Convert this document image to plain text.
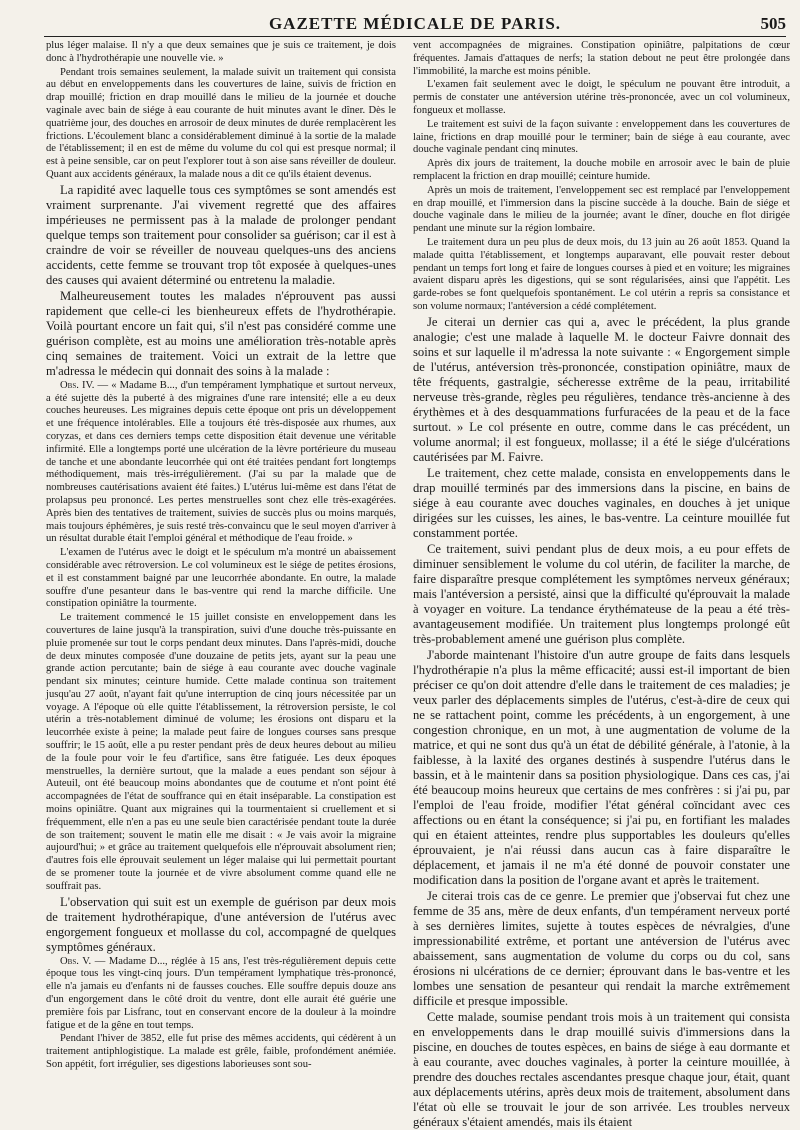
GAZETTE MÉDICALE DE PARIS.	505

plus léger malaise. Il n'y a que deux semaines que je suis ce traitement, je dois donc à l'hydrothérapie une nouvelle vie. »

Pendant trois semaines seulement, la malade suivit un traitement qui consista au début en enveloppements dans les couvertures de laine, suivis de friction en drap mouillé; friction en drap mouillé dans le milieu de la journée et douche vaginale avec bain de siége à eau courante de huit minutes avant le dîner. Dès le quatrième jour, des douches en arrosoir de deux minutes de durée remplacèrent les frictions. L'écoulement blanc a considérablement diminué à la sortie de la malade de l'établissement; il en est de même du volume du col qui est presque normal; il est à peine sensible, car on peut l'explorer tout à son aise sans réveiller de douleur. Quant aux accidents généraux, la malade nous a dit ce qu'ils étaient devenus.

La rapidité avec laquelle tous ces symptômes se sont amendés est vraiment surprenante. J'ai vivement regretté que des affaires impérieuses ne permissent pas à la malade de prolonger pendant quelque temps son traitement pour consolider sa guérison; car il est à craindre de voir se réveiller de nouveau quelques-uns des anciens accidents, cette femme se trouvant trop tôt exposée à quelques-unes des causes qui avaient déterminé ou entretenu la maladie.

Malheureusement toutes les malades n'éprouvent pas aussi rapidement que celle-ci les bienheureux effets de l'hydrothérapie. Voilà pourtant encore un fait qui, s'il n'est pas considéré comme une guérison complète, est au moins une amélioration très-notable après cinq semaines de traitement. Voici un extrait de la lettre que m'adressa le médecin qui donnait des soins à la malade :

Obs. IV. — « Madame B..., d'un tempérament lymphatique et surtout nerveux, a été sujette dès la puberté à des migraines d'une rare intensité; elle a eu deux couches heureuses. Les migraines depuis cette époque ont pris un développement et une fréquence intolérables. Elle a toujours été très-disposée aux rhumes, aux coryzas, et dans ces derniers temps cette disposition était devenue une véritable infirmité. Elle a longtemps porté une ulcération de la lèvre portérieure du museau de tanche et une abondante leucorrhée qui ont été traitées pendant fort longtemps méthodiquement, mais très-irrégulièrement. (J'ai su par la malade que de nombreuses cautérisations avaient été faites.) L'utérus lui-même est dans l'état de prolapsus peu prononcé. Les pertes menstruelles sont chez elle très-exagérées. Après bien des tentatives de traitement, suivies de succès plus ou moins marqués, mais toujours éphémères, je suis resté très-convaincu que le seul moyen d'arriver à un résultat durable était l'emploi général et méthodique de l'eau froide. »

L'examen de l'utérus avec le doigt et le spéculum m'a montré un abaissement considérable avec rétroversion. Le col volumineux est le siége de petites érosions, et il est constamment baigné par une leucorrhée abondante. En outre, la malade souffre d'une pesanteur dans le bas-ventre qui rend la marche difficile. Une constipation opiniâtre la tourmente.

Le traitement commencé le 15 juillet consiste en enveloppement dans les couvertures de laine jusqu'à la transpiration, suivi d'une douche très-puissante en pluie promenée sur tout le corps pendant deux minutes. Dans l'après-midi, douche de deux minutes composée d'une douzaine de petits jets, ayant sur la peau une grande action percutante; bain de siége à eau courante avec douche vaginale pendant six minutes; ceinture humide. Cette malade continua son traitement jusqu'au 27 août, n'ayant fait qu'une interruption de cinq jours nécessitée par un voyage. A l'époque où elle quitte l'établissement, la rétroversion persiste, le col utérin a très-notablement diminué de volume; les érosions ont disparu et la leucorrhée existe à peine; la malade peut faire de longues courses sans presque souffrir; le 15 août, elle a pu rester pendant près de deux heures debout au milieu de la foule pour voir le feu d'artifice, sans être fatiguée. Les deux époques menstruelles, la dernière surtout, que la malade a eues pendant son séjour à Auteuil, ont été beaucoup moins abondantes que de coutume et n'ont point été accompagnées de l'état de souffrance qui en était inséparable. La constipation est moins opiniâtre. Quant aux migraines qui la tourmentaient si cruellement et si fréquemment, elle n'en a pas eu une seule bien caractérisée pendant toute la durée de son traitement; souvent le matin elle me disait : « Je vais avoir la migraine aujourd'hui; » et grâce au traitement quelquefois elle n'éprouvait absolument rien; d'autres fois elle éprouvait seulement un léger malaise qui lui permettait pourtant de se promener toute la journée et de vivre absolument comme quand elle ne souffrait pas.

L'observation qui suit est un exemple de guérison par deux mois de traitement hydrothérapique, d'une antéversion de l'utérus avec engorgement fongueux et mollasse du col, accompagné de quelques symptômes généraux.

Obs. V. — Madame D..., réglée à 15 ans, l'est très-régulièrement depuis cette époque tous les vingt-cinq jours. D'un tempérament lymphatique très-prononcé, elle n'a jamais eu d'enfants ni de fausses couches. Elle souffre depuis douze ans d'un engorgement dans le côté droit du ventre, dont elle aurait été guérie une première fois par Lisfranc, tout en conservant encore de la douleur à la moindre fatigue et de la gêne en tout temps.

Pendant l'hiver de 3852, elle fut prise des mêmes accidents, qui cédèrent à un traitement antiphlogistique. La malade est grêle, faible, profondément anémiée. Son appétit, fort irrégulier, ses digestions laborieuses sont sou-

vent accompagnées de migraines. Constipation opiniâtre, palpitations de cœur fréquentes. Jamais d'attaques de nerfs; la station debout ne peut être prolongée dans l'immobilité, la marche est moins pénible.

L'examen fait seulement avec le doigt, le spéculum ne pouvant être introduit, a permis de constater une antéversion utérine très-prononcée, avec un col volumineux, fongueux et mollasse.

Le traitement est suivi de la façon suivante : enveloppement dans les couvertures de laine, frictions en drap mouillé pour le terminer; bain de siége à eau courante, avec douche vaginale pendant cinq minutes.

Après dix jours de traitement, la douche mobile en arrosoir avec le bain de pluie remplacent la friction en drap mouillé; ceinture humide.

Après un mois de traitement, l'enveloppement sec est remplacé par l'enveloppement en drap mouillé, et l'immersion dans la piscine succède à la douche. Bain de siége et douche vaginale dans le milieu de la journée; avant le dîner, douche en flot dirigée pendant une minute sur la région lombaire.

Le traitement dura un peu plus de deux mois, du 13 juin au 26 août 1853. Quand la malade quitta l'établissement, et longtemps auparavant, elle pouvait rester debout pendant un temps fort long et faire de longues courses à pied et en voiture; les migraines avaient disparu après les digestions, qui se sont régularisées, ainsi que l'appétit. Les garde-robes se font quelquefois spontanément. Le col utérin a repris sa consistance et son volume normaux; l'antéversion a cédé complétement.

Je citerai un dernier cas qui a, avec le précédent, la plus grande analogie; c'est une malade à laquelle M. le docteur Faivre donnait des soins et sur laquelle il m'adressa la note suivante : « Engorgement simple de l'utérus, antéversion très-prononcée, constipation opiniâtre, maux de tête fréquents, gastralgie, sécheresse extrême de la peau, irritabilité nerveuse très-grande, règles peu régulières, tendance très-ancienne à des érythèmes et à des desquammations furfuracées de la peau et de la face surtout. » Le col présente en outre, comme dans le cas précédent, un volume anormal; il est fongueux, mollasse; il a été le siége d'ulcérations cautérisées par M. Faivre.

Le traitement, chez cette malade, consista en enveloppements dans le drap mouillé terminés par des immersions dans la piscine, en bains de siége à eau courante avec douches vaginales, en douches à jet unique dirigées sur les cuisses, les aines, le bas-ventre. La ceinture mouillée fut constamment portée.

Ce traitement, suivi pendant plus de deux mois, a eu pour effets de diminuer sensiblement le volume du col utérin, de faciliter la marche, de faire disparaître presque complétement les symptômes nerveux généraux; mais l'antéversion a persisté, ainsi que la difficulté qu'éprouvait la malade à voyager en voiture. La tendance érythémateuse de la peau a été très-avantageusement modifiée. Un traitement plus longtemps prolongé eût très-probablement amené une guérison plus complète.

J'aborde maintenant l'histoire d'un autre groupe de faits dans lesquels l'hydrothérapie n'a plus la même efficacité; aussi est-il important de bien préciser ce qu'on doit attendre d'elle dans le traitement de ces maladies; je veux parler des déplacements simples de l'utérus, c'est-à-dire de ceux qui ne se rattachent point, comme les précédents, à un engorgement, à une congestion chronique, en un mot, à une augmentation de volume de la matrice, et qui ne sont dus qu'à un état de débilité générale, à l'atonie, à la faiblesse, à la laxité des organes destinés à suspendre l'utérus dans le bassin, et à le maintenir dans sa position physiologique. Dans ces cas, j'ai été beaucoup moins heureux que certains de mes confrères : si j'ai pu, par l'emploi de l'eau froide, modifier l'état général coïncidant avec ces affections ou en étant la conséquence; si j'ai pu, en fortifiant les malades qui en étaient atteintes, rendre plus supportables les douleurs qu'elles éprouvaient, je n'ai réussi dans aucun cas à faire disparaître le déplacement, et jamais il ne m'a été donné de pouvoir constater une modification dans la position de l'organe avant et après le traitement.

Je citerai trois cas de ce genre. Le premier que j'observai fut chez une femme de 35 ans, mère de deux enfants, d'un tempérament nerveux porté à ses dernières limites, sujette à toutes espèces de névralgies, d'une impressionabilité extrême, et portant une antéversion de l'utérus avec abaissement, sans augmentation de volume du corps ou du col, sans érosions ni ulcérations de ce dernier; éprouvant dans le bas-ventre et les lombes une sensation de pesanteur qui rendait la marche extrêmement difficile et presque impossible.

Cette malade, soumise pendant trois mois à un traitement qui consista en enveloppements dans le drap mouillé suivis d'immersions dans la piscine, en douches de toutes espèces, en bains de siége à eau dormante et à eau courante, avec douches vaginales, à porter la ceinture mouillée, à prendre des douches rectales ascendantes presque chaque jour, était, quant aux déplacements utérins, après deux mois de traitement, absolument dans l'état où elle se trouvait le jour de son arrivée. Les troubles nerveux généraux s'étaient amendés, mais ils étaient
